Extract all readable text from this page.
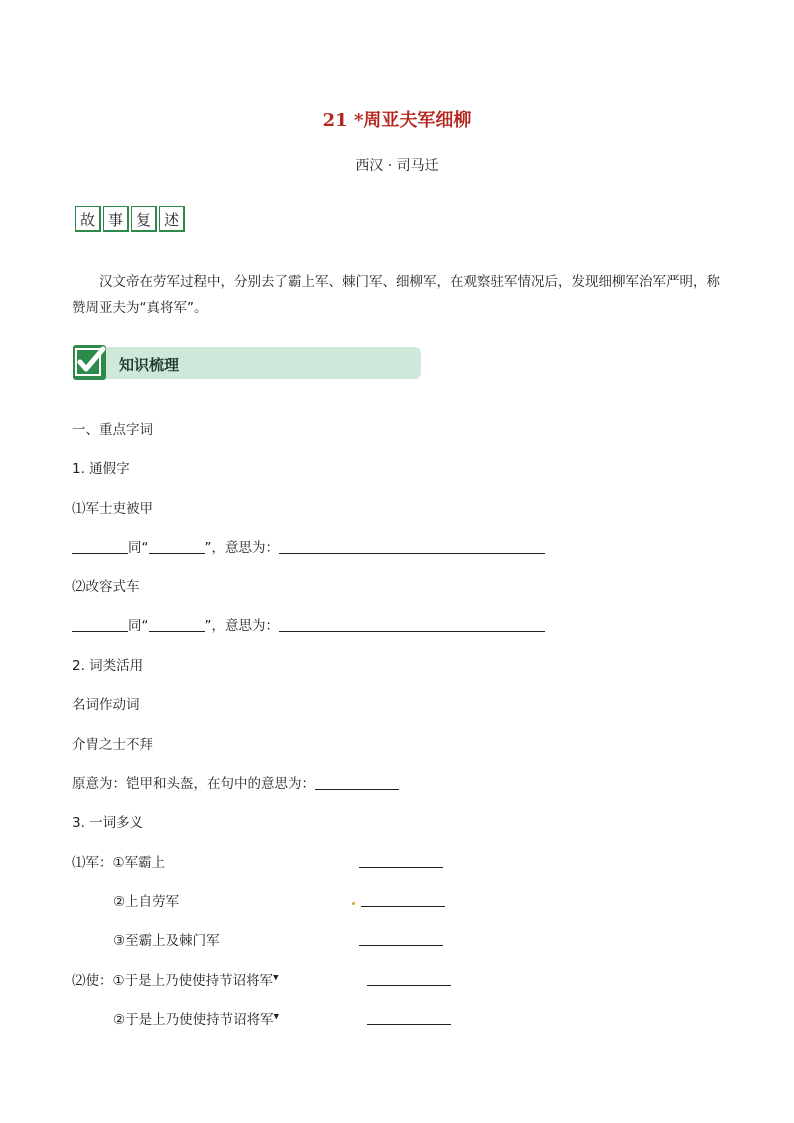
21 *周亚夫军细柳
西汉 · 司马迁
故 事 复 述
汉文帝在劳军过程中，分别去了霸上军、棘门军、细柳军，在观察驻军情况后，发现细柳军治军严明，称赞周亚夫为“真将军”。
知识梳理
一、重点字词
1. 通假字
⑴军士吏被甲
同“	”，意思为：
⑵改容式车
同“	”，意思为：
2. 词类活用
名词作动词
介胄之士不拜
原意为：铠甲和头盔，在句中的意思为：
3. 一词多义
⑴军：①军霸上
②上自劳军
③至霸上及棘门军
⑵使：①于是上乃使使持节诏将军▼
②于是上乃使使持节诏将军▼
